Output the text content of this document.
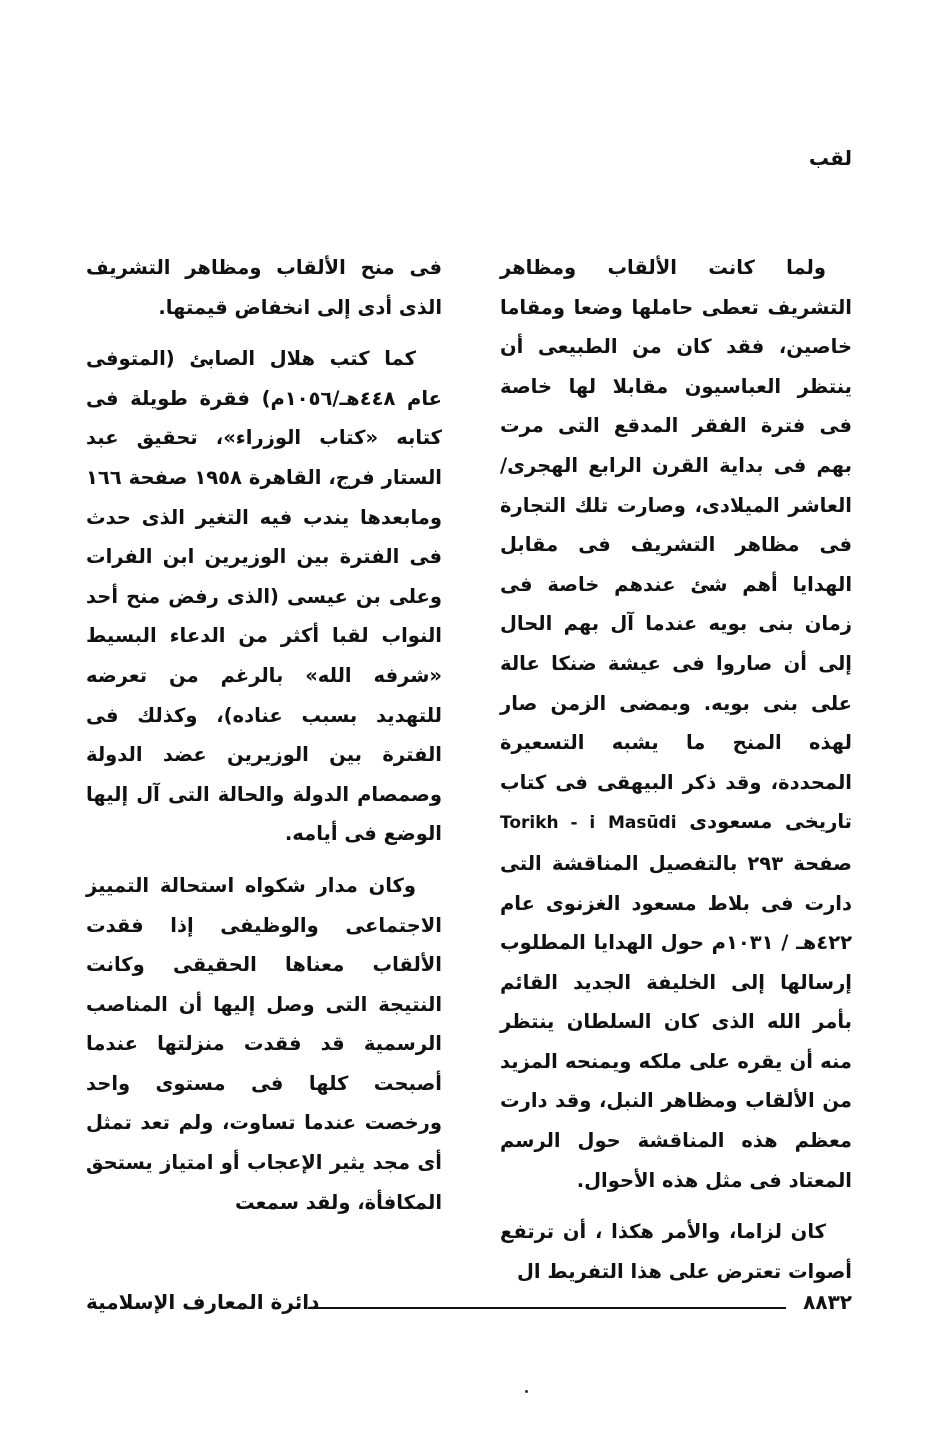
لقب

ولما كانت الألقاب ومظاهر التشريف تعطى حاملها وضعا ومقاما خاصين، فقد كان من الطبيعى أن ينتظر العباسيون مقابلا لها خاصة فى فترة الفقر المدقع التى مرت بهم فى بداية القرن الرابع الهجرى/ العاشر الميلادى، وصارت تلك التجارة فى مظاهر التشريف فى مقابل الهدايا أهم شئ عندهم خاصة فى زمان بنى بويه عندما آل بهم الحال إلى أن صاروا فى عيشة ضنكا عالة على بنى بويه. وبمضى الزمن صار لهذه المنح ما يشبه التسعيرة المحددة، وقد ذكر البيهقى فى كتاب تاريخى مسعودى Torikh - i Masūdi صفحة ٢٩٣ بالتفصيل المناقشة التى دارت فى بلاط مسعود الغزنوى عام ٤٢٢هـ / ١٠٣١م حول الهدايا المطلوب إرسالها إلى الخليفة الجديد القائم بأمر الله الذى كان السلطان ينتظر منه أن يقره على ملكه ويمنحه المزيد من الألقاب ومظاهر النبل، وقد دارت معظم هذه المناقشة حول الرسم المعتاد فى مثل هذه الأحوال.

كان لزاما، والأمر هكذا ، أن ترتفع أصوات تعترض على هذا التفريط ال

فى منح الألقاب ومظاهر التشريف الذى أدى إلى انخفاض قيمتها.

كما كتب هلال الصابئ (المتوفى عام ٤٤٨هـ/١٠٥٦م) فقرة طويلة فى كتابه «كتاب الوزراء»، تحقيق عبد الستار فرج، القاهرة ١٩٥٨ صفحة ١٦٦ ومابعدها يندب فيه التغير الذى حدث فى الفترة بين الوزيرين ابن الفرات وعلى بن عيسى (الذى رفض منح أحد النواب لقبا أكثر من الدعاء البسيط «شرفه الله» بالرغم من تعرضه للتهديد بسبب عناده)، وكذلك فى الفترة بين الوزيرين عضد الدولة وصمصام الدولة والحالة التى آل إليها الوضع فى أيامه.

وكان مدار شكواه استحالة التمييز الاجتماعى والوظيفى إذا فقدت الألقاب معناها الحقيقى وكانت النتيجة التى وصل إليها أن المناصب الرسمية قد فقدت منزلتها عندما أصبحت كلها فى مستوى واحد ورخصت عندما تساوت، ولم تعد تمثل أى مجد يثير الإعجاب أو امتياز يستحق المكافأة، ولقد سمعت

٨٨٣٢
دائرة المعارف الإسلامية
